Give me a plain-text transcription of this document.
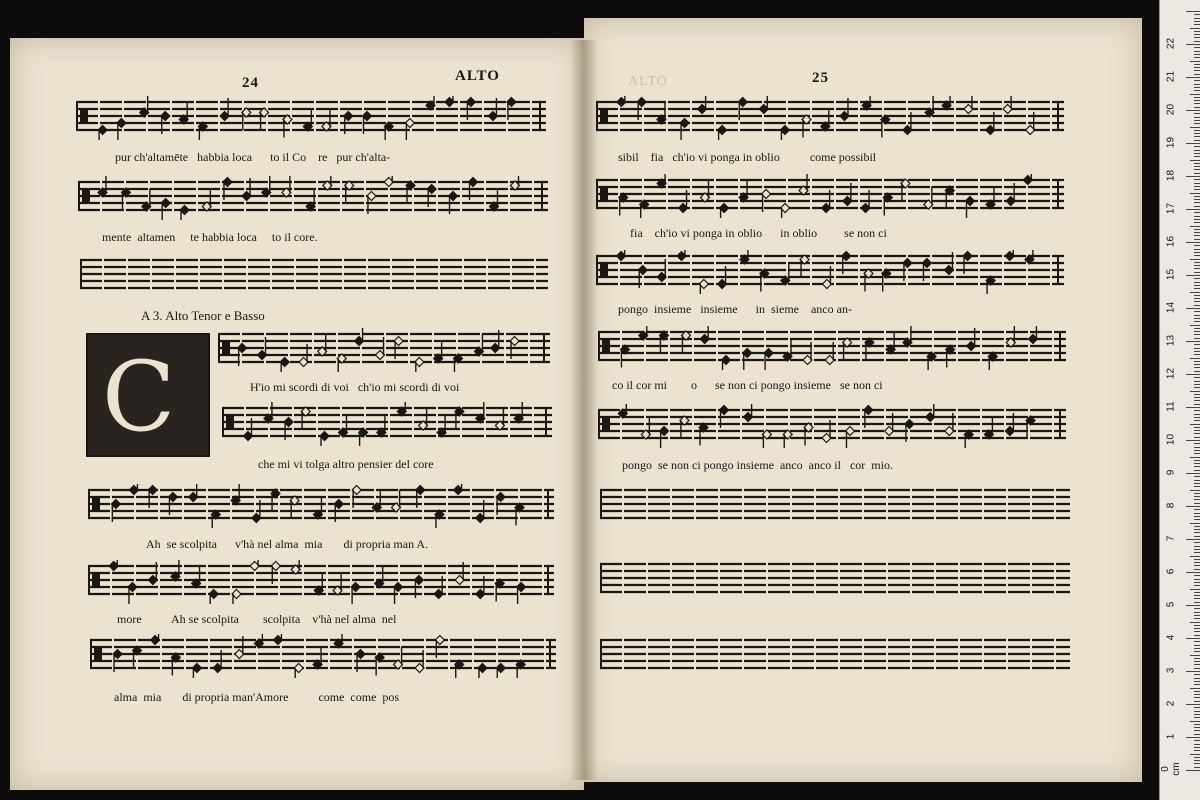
24	ALTO	25
ALTO
pur ch'altamēte   habbia loca      to il Co    re   pur ch'alta-
mente  altamen     te habbia loca     to il core.
A 3. Alto Tenor e Basso
C	H'io mi scordi di voi   ch'io mi scordi di voi
che mi vi tolga altro pensier del core
Ah  se scolpita      v'hà nel alma  mia       di propria man A.
more          Ah se scolpita        scolpita    v'hà nel alma  nel
alma  mia       di propria man'Amore          come  come  pos
sibil    fia   ch'io vi ponga in oblio          come possibil
fia    ch'io vi ponga in oblio      in oblio         se non ci
pongo  insieme   insieme      in  sieme    anco an-
co il cor mi        o      se non ci pongo insieme   se non ci
pongo  se non ci pongo insieme  anco  anco il   cor  mio.
0 cm
1
2
3
4
5
6
7
8
9
10
11
12
13
14
15
16
17
18
19
20
21
22
